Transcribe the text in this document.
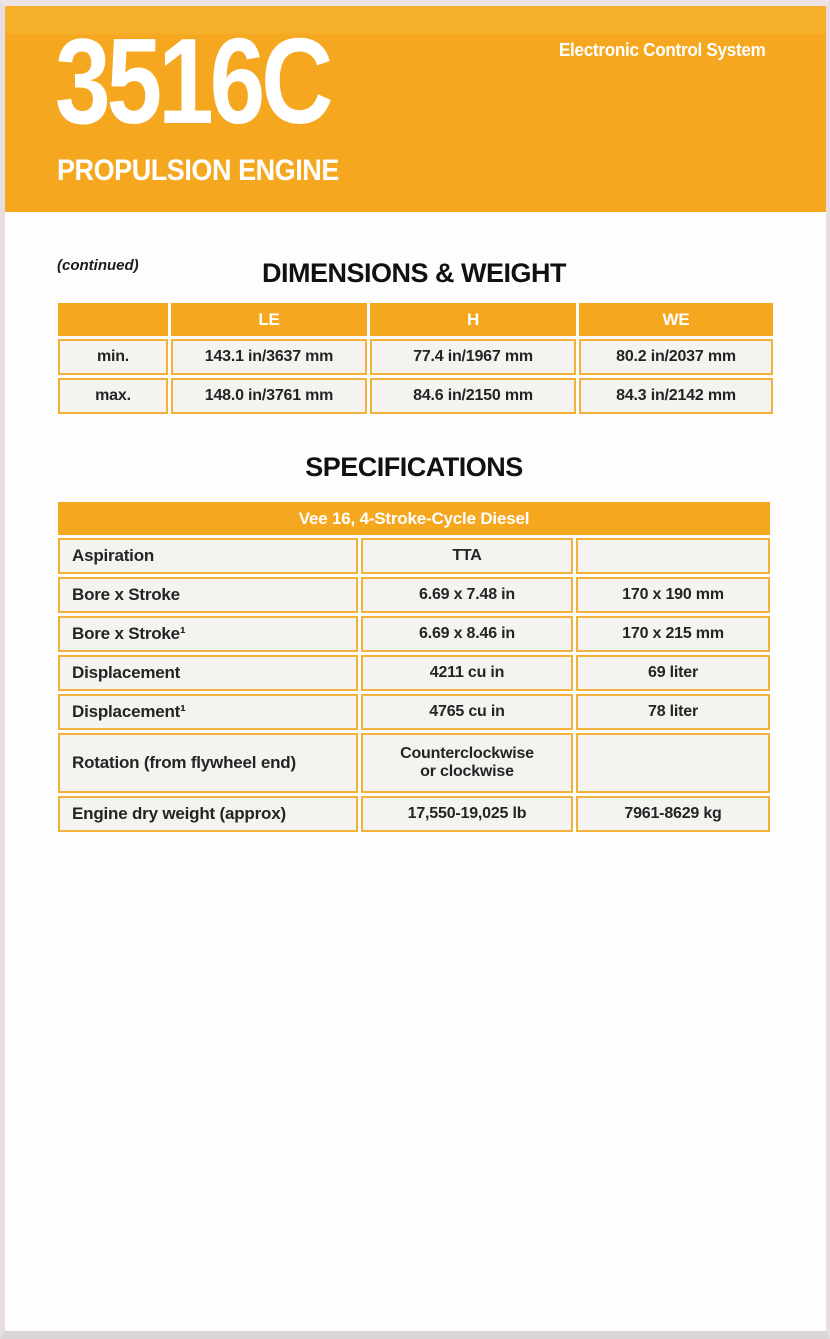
Electronic Control System
3516C
PROPULSION ENGINE
(continued)	DIMENSIONS & WEIGHT
	LE	H	WE
min.	143.1 in/3637 mm	77.4 in/1967 mm	80.2 in/2037 mm
max.	148.0 in/3761 mm	84.6 in/2150 mm	84.3 in/2142 mm
SPECIFICATIONS
Vee 16, 4-Stroke-Cycle Diesel		
Aspiration	TTA	
Bore x Stroke	6.69 x 7.48 in	170 x 190 mm
Bore x Stroke¹	6.69 x 8.46 in	170 x 215 mm
Displacement	4211 cu in	69 liter
Displacement¹	4765 cu in	78 liter
Rotation (from flywheel end)	Counterclockwise
or clockwise	
Engine dry weight (approx)	17,550-19,025 lb	7961-8629 kg
